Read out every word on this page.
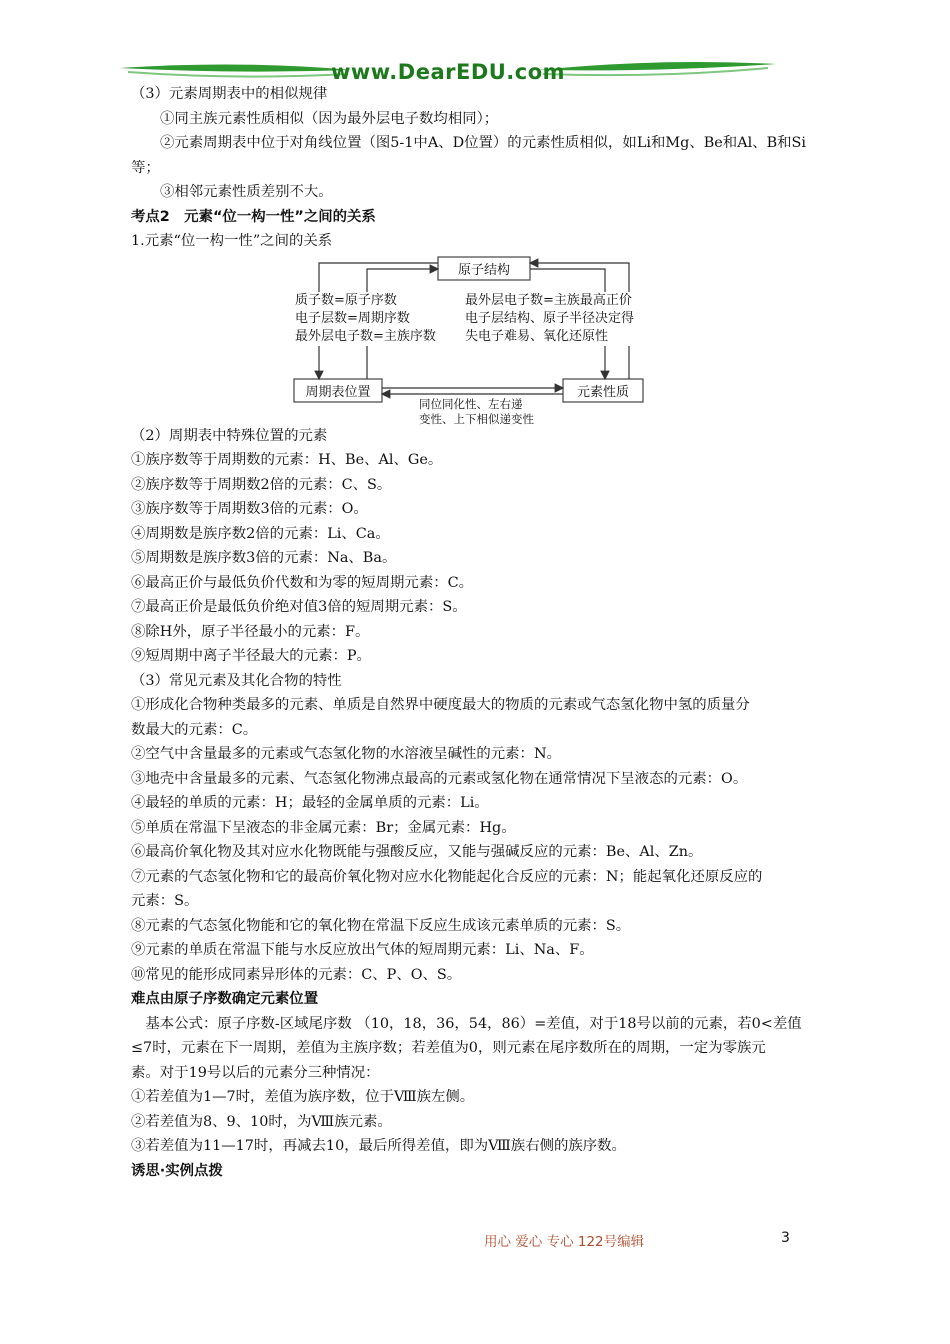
www.DearEDU.com
（3）元素周期表中的相似规律
①同主族元素性质相似（因为最外层电子数均相同）；
②元素周期表中位于对角线位置（图5-1中A、D位置）的元素性质相似，如Li和Mg、Be和Al、B和Si
等；
③相邻元素性质差别不大。
考点2　元素“位一构一性”之间的关系
1.元素“位一构一性”之间的关系
原子结构
周期表位置	元素性质
质子数=原子序数
电子层数=周期序数
最外层电子数=主族序数
最外层电子数=主族最高正价
电子层结构、原子半径决定得
失电子难易、氧化还原性
同位同化性、左右递
变性、上下相似递变性
（2）周期表中特殊位置的元素
①族序数等于周期数的元素：H、Be、Al、Ge。
②族序数等于周期数2倍的元素：C、S。
③族序数等于周期数3倍的元素：O。
④周期数是族序数2倍的元素：Li、Ca。
⑤周期数是族序数3倍的元素：Na、Ba。
⑥最高正价与最低负价代数和为零的短周期元素：C。
⑦最高正价是最低负价绝对值3倍的短周期元素：S。
⑧除H外，原子半径最小的元素：F。
⑨短周期中离子半径最大的元素：P。
（3）常见元素及其化合物的特性
①形成化合物种类最多的元素、单质是自然界中硬度最大的物质的元素或气态氢化物中氢的质量分
数最大的元素：C。
②空气中含量最多的元素或气态氢化物的水溶液呈碱性的元素：N。
③地壳中含量最多的元素、气态氢化物沸点最高的元素或氢化物在通常情况下呈液态的元素：O。
④最轻的单质的元素：H；最轻的金属单质的元素：Li。
⑤单质在常温下呈液态的非金属元素：Br；金属元素：Hg。
⑥最高价氧化物及其对应水化物既能与强酸反应，又能与强碱反应的元素：Be、Al、Zn。
⑦元素的气态氢化物和它的最高价氧化物对应水化物能起化合反应的元素：N；能起氧化还原反应的
元素：S。
⑧元素的气态氢化物能和它的氧化物在常温下反应生成该元素单质的元素：S。
⑨元素的单质在常温下能与水反应放出气体的短周期元素：Li、Na、F。
⑩常见的能形成同素异形体的元素：C、P、O、S。
难点由原子序数确定元素位置
　基本公式：原子序数-区域尾序数 （10，18，36，54，86）=差值，对于18号以前的元素，若0<差值
≤7时，元素在下一周期，差值为主族序数；若差值为0，则元素在尾序数所在的周期，一定为零族元
素。对于19号以后的元素分三种情况：
①若差值为1—7时，差值为族序数，位于Ⅷ族左侧。
②若差值为8、9、10时，为Ⅷ族元素。
③若差值为11—17时，再减去10，最后所得差值，即为Ⅷ族右侧的族序数。
诱思·实例点拨
用心 爱心 专心 122号编辑	3
